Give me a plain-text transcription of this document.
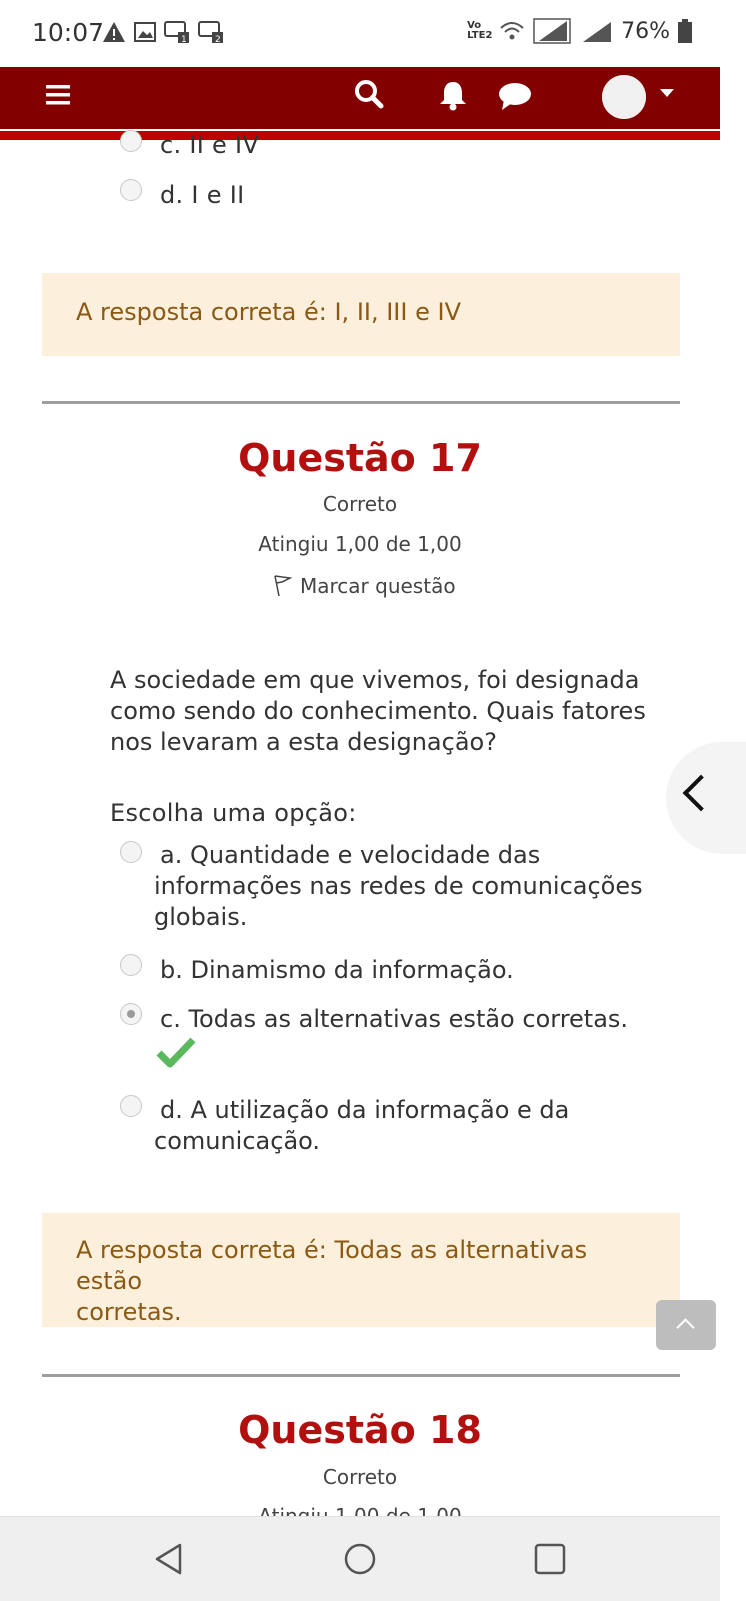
10:07	1	2
Vo LTE2	76%
c. II e IV
d. I e II
A resposta correta é: I, II, III e IV
Questão 17
Correto
Atingiu 1,00 de 1,00
Marcar questão
A sociedade em que vivemos, foi designada como sendo do conhecimento. Quais fatores nos levaram a esta designação?
Escolha uma opção:
a. Quantidade e velocidade das
informações nas redes de comunicações
globais.
b. Dinamismo da informação.
c. Todas as alternativas estão corretas.
d. A utilização da informação e da
comunicação.
A resposta correta é: Todas as alternativas estão
corretas.
Questão 18
Correto
